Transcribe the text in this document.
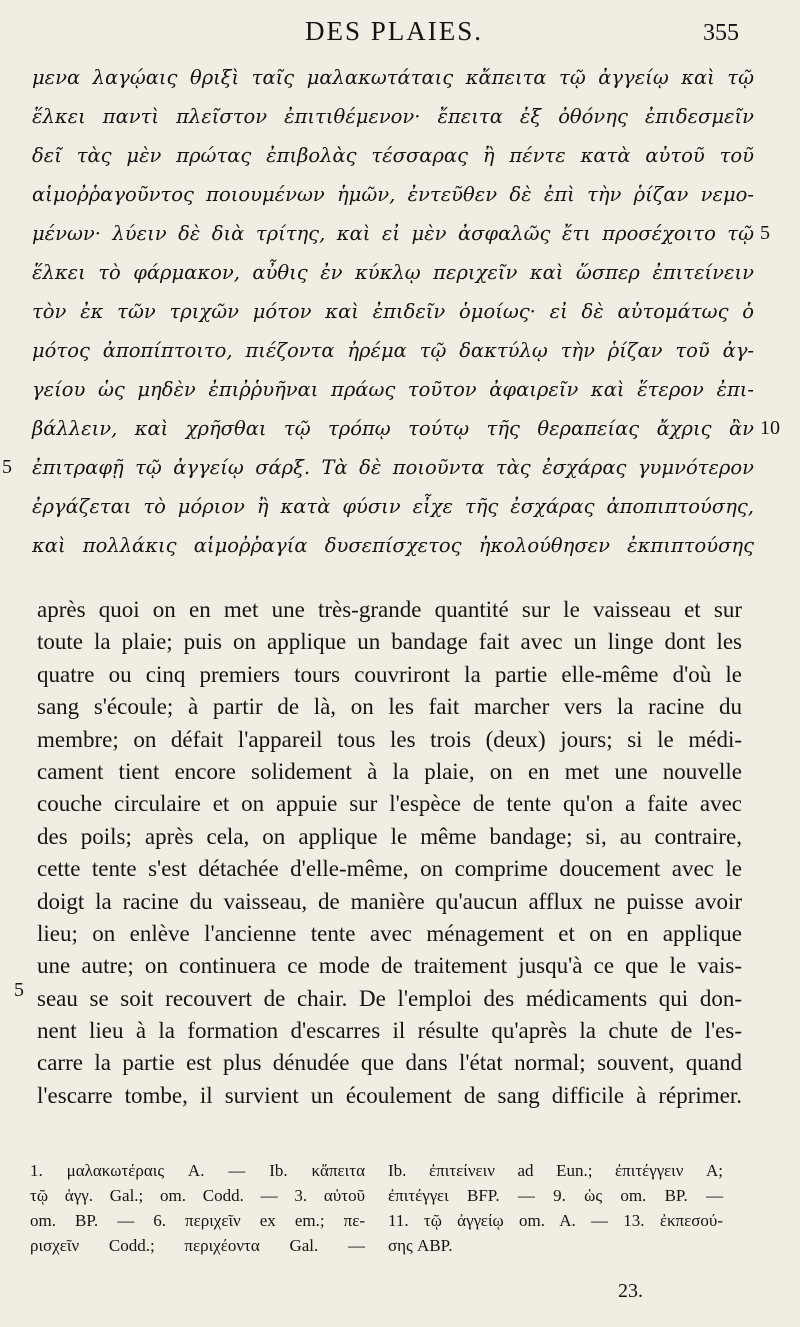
DES PLAIES.	355
μενα λαγῴαις θριξὶ ταῖς μαλακωτάταις κἄπειτα τῷ ἀγγείῳ καὶ τῷ
ἕλκει παντὶ πλεῖστον ἐπιτιθέμενον· ἔπειτα ἐξ ὀθόνης ἐπιδεσμεῖν
δεῖ τὰς μὲν πρώτας ἐπιβολὰς τέσσαρας ἢ πέντε κατὰ αὐτοῦ τοῦ
αἱμοῤῥαγοῦντος ποιουμένων ἡμῶν, ἐντεῦθεν δὲ ἐπὶ τὴν ῥίζαν νεμο-
μένων· λύειν δὲ διὰ τρίτης, καὶ εἰ μὲν ἀσφαλῶς ἔτι προσέχοιτο τῷ
ἕλκει τὸ φάρμακον, αὖθις ἐν κύκλῳ περιχεῖν καὶ ὥσπερ ἐπιτείνειν
τὸν ἐκ τῶν τριχῶν μότον καὶ ἐπιδεῖν ὁμοίως· εἰ δὲ αὐτομάτως ὁ
μότος ἀποπίπτοιτο, πιέζοντα ἠρέμα τῷ δακτύλῳ τὴν ῥίζαν τοῦ ἀγ-
γείου ὡς μηδὲν ἐπιῤῥυῆναι πράως τοῦτον ἀφαιρεῖν καὶ ἕτερον ἐπι-
βάλλειν, καὶ χρῆσθαι τῷ τρόπῳ τούτῳ τῆς θεραπείας ἄχρις ἂν
ἐπιτραφῇ τῷ ἀγγείῳ σάρξ. Τὰ δὲ ποιοῦντα τὰς ἐσχάρας γυμνότερον
ἐργάζεται τὸ μόριον ἢ κατὰ φύσιν εἶχε τῆς ἐσχάρας ἀποπιπτούσης,
καὶ πολλάκις αἱμοῤῥαγία δυσεπίσχετος ἠκολούθησεν ἐκπιπτούσης
5
10
5
après quoi on en met une très-grande quantité sur le vaisseau et sur
toute la plaie; puis on applique un bandage fait avec un linge dont les
quatre ou cinq premiers tours couvriront la partie elle-même d'où le
sang s'écoule; à partir de là, on les fait marcher vers la racine du
membre; on défait l'appareil tous les trois (deux) jours; si le médi-
cament tient encore solidement à la plaie, on en met une nouvelle
couche circulaire et on appuie sur l'espèce de tente qu'on a faite avec
des poils; après cela, on applique le même bandage; si, au contraire,
cette tente s'est détachée d'elle-même, on comprime doucement avec le
doigt la racine du vaisseau, de manière qu'aucun afflux ne puisse avoir
lieu; on enlève l'ancienne tente avec ménagement et on en applique
une autre; on continuera ce mode de traitement jusqu'à ce que le vais-
seau se soit recouvert de chair. De l'emploi des médicaments qui don-
nent lieu à la formation d'escarres il résulte qu'après la chute de l'es-
carre la partie est plus dénudée que dans l'état normal; souvent, quand
l'escarre tombe, il survient un écoulement de sang difficile à réprimer.
5
1. μαλακωτέραις A. — Ib. κἄπειτα
τῷ ἀγγ. Gal.; om. Codd. — 3. αὐτοῦ
om. BP. — 6. περιχεῖν ex em.; πε-
ρισχεῖν Codd.; περιχέοντα Gal. —
Ib. ἐπιτείνειν ad Eun.; ἐπιτέγγειν A;
ἐπιτέγγει BFP. — 9. ὡς om. BP. —
11. τῷ ἀγγείῳ om. A. — 13. ἐκπεσού-
σης ABP.
23.
